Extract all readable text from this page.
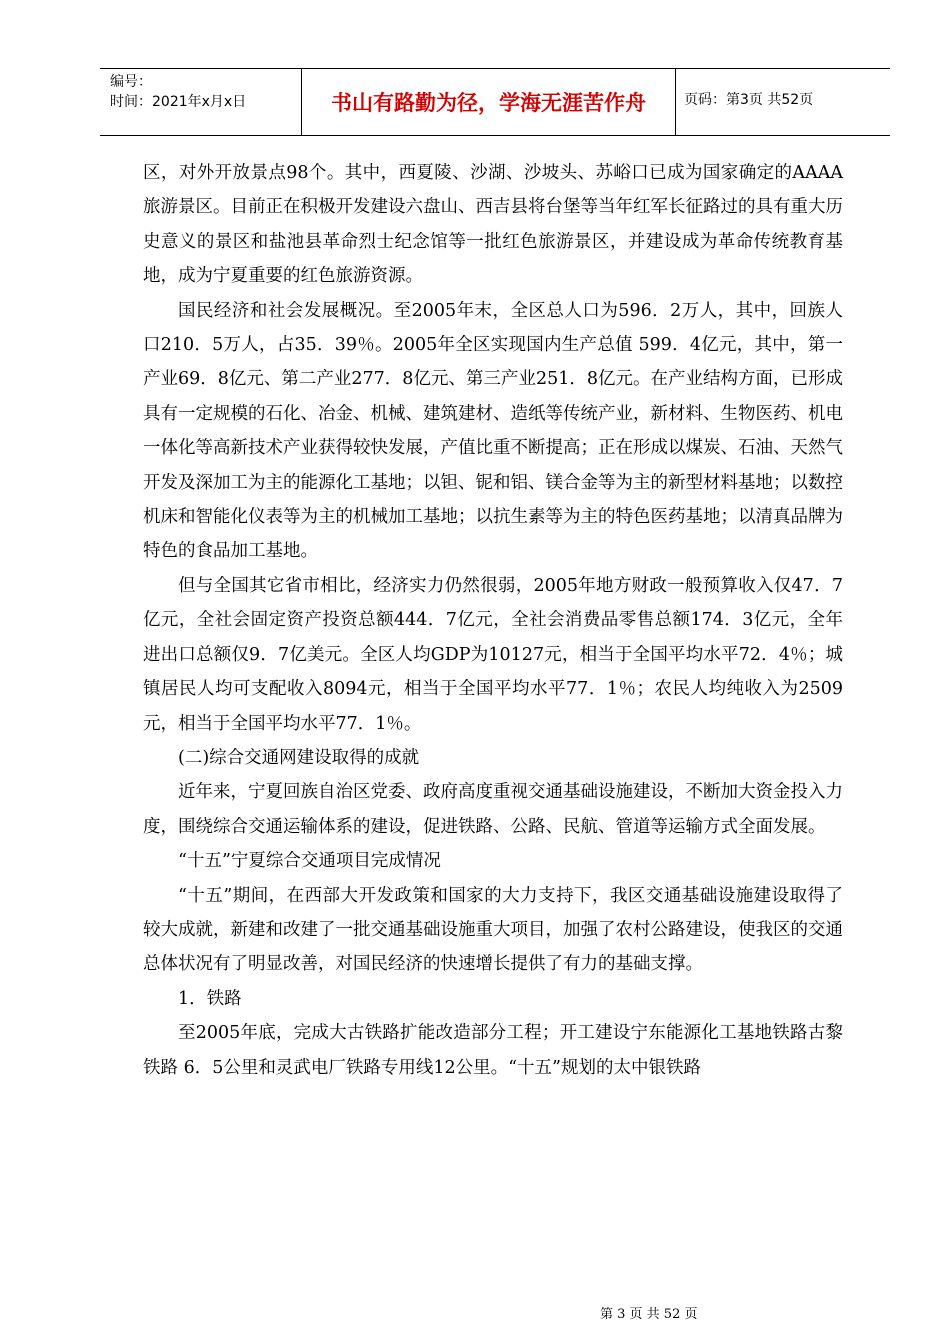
编号：
时间：2021年x月x日	书山有路勤为径，学海无涯苦作舟	页码：第3页 共52页

区，对外开放景点98个。其中，西夏陵、沙湖、沙坡头、苏峪口已成为国家确定的AAAA旅游景区。目前正在积极开发建设六盘山、西吉县将台堡等当年红军长征路过的具有重大历史意义的景区和盐池县革命烈士纪念馆等一批红色旅游景区，并建设成为革命传统教育基地，成为宁夏重要的红色旅游资源。

国民经济和社会发展概况。至2005年末，全区总人口为596．2万人，其中，回族人口210．5万人，占35．39％。2005年全区实现国内生产总值 599．4亿元，其中，第一产业69．8亿元、第二产业277．8亿元、第三产业251．8亿元。在产业结构方面，已形成具有一定规模的石化、冶金、机械、建筑建材、造纸等传统产业，新材料、生物医药、机电一体化等高新技术产业获得较快发展，产值比重不断提高；正在形成以煤炭、石油、天然气开发及深加工为主的能源化工基地；以钽、铌和铝、镁合金等为主的新型材料基地；以数控机床和智能化仪表等为主的机械加工基地；以抗生素等为主的特色医药基地；以清真品牌为特色的食品加工基地。

但与全国其它省市相比，经济实力仍然很弱，2005年地方财政一般预算收入仅47．7亿元，全社会固定资产投资总额444．7亿元，全社会消费品零售总额174．3亿元，全年进出口总额仅9．7亿美元。全区人均GDP为10127元，相当于全国平均水平72．4％；城镇居民人均可支配收入8094元，相当于全国平均水平77．1％；农民人均纯收入为2509元，相当于全国平均水平77．1％。

(二)综合交通网建设取得的成就

近年来，宁夏回族自治区党委、政府高度重视交通基础设施建设，不断加大资金投入力度，围绕综合交通运输体系的建设，促进铁路、公路、民航、管道等运输方式全面发展。

“十五”宁夏综合交通项目完成情况

“十五”期间，在西部大开发政策和国家的大力支持下，我区交通基础设施建设取得了较大成就，新建和改建了一批交通基础设施重大项目，加强了农村公路建设，使我区的交通总体状况有了明显改善，对国民经济的快速增长提供了有力的基础支撑。

1．铁路

至2005年底，完成大古铁路扩能改造部分工程；开工建设宁东能源化工基地铁路古黎铁路 6．5公里和灵武电厂铁路专用线12公里。“十五”规划的太中银铁路

第 3 页 共 52 页
